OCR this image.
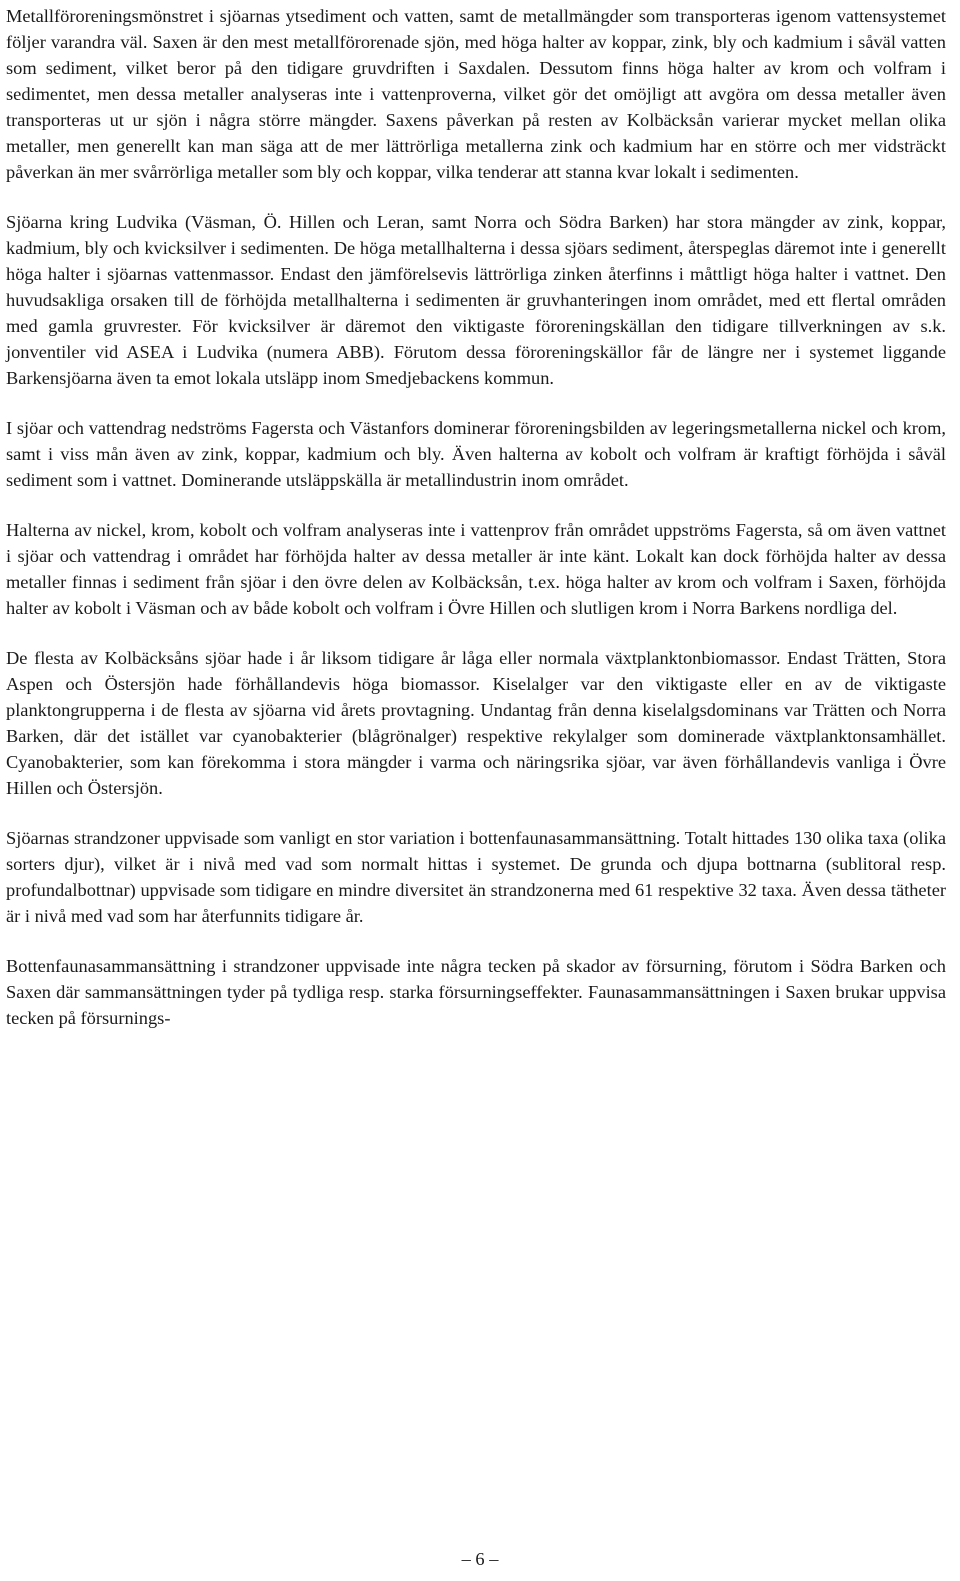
Metallföroreningsmönstret i sjöarnas ytsediment och vatten, samt de metallmängder som transporteras igenom vattensystemet följer varandra väl. Saxen är den mest metallförorenade sjön, med höga halter av koppar, zink, bly och kadmium i såväl vatten som sediment, vilket beror på den tidigare gruvdriften i Saxdalen. Dessutom finns höga halter av krom och volfram i sedimentet, men dessa metaller analyseras inte i vattenproverna, vilket gör det omöjligt att avgöra om dessa metaller även transporteras ut ur sjön i några större mängder. Saxens påverkan på resten av Kolbäcksån varierar mycket mellan olika metaller, men generellt kan man säga att de mer lättrörliga metallerna zink och kadmium har en större och mer vidsträckt påverkan än mer svårrörliga metaller som bly och koppar, vilka tenderar att stanna kvar lokalt i sedimenten.

Sjöarna kring Ludvika (Väsman, Ö. Hillen och Leran, samt Norra och Södra Barken) har stora mängder av zink, koppar, kadmium, bly och kvicksilver i sedimenten. De höga metallhalterna i dessa sjöars sediment, återspeglas däremot inte i generellt höga halter i sjöarnas vattenmassor. Endast den jämförelsevis lättrörliga zinken återfinns i måttligt höga halter i vattnet. Den huvudsakliga orsaken till de förhöjda metallhalterna i sedimenten är gruvhanteringen inom området, med ett flertal områden med gamla gruvrester. För kvicksilver är däremot den viktigaste föroreningskällan den tidigare tillverkningen av s.k. jonventiler vid ASEA i Ludvika (numera ABB). Förutom dessa föroreningskällor får de längre ner i systemet liggande Barkensjöarna även ta emot lokala utsläpp inom Smedjebackens kommun.

I sjöar och vattendrag nedströms Fagersta och Västanfors dominerar föroreningsbilden av legeringsmetallerna nickel och krom, samt i viss mån även av zink, koppar, kadmium och bly. Även halterna av kobolt och volfram är kraftigt förhöjda i såväl sediment som i vattnet. Dominerande utsläppskälla är metallindustrin inom området.

Halterna av nickel, krom, kobolt och volfram analyseras inte i vattenprov från området uppströms Fagersta, så om även vattnet i sjöar och vattendrag i området har förhöjda halter av dessa metaller är inte känt. Lokalt kan dock förhöjda halter av dessa metaller finnas i sediment från sjöar i den övre delen av Kolbäcksån, t.ex. höga halter av krom och volfram i Saxen, förhöjda halter av kobolt i Väsman och av både kobolt och volfram i Övre Hillen och slutligen krom i Norra Barkens nordliga del.

De flesta av Kolbäcksåns sjöar hade i år liksom tidigare år låga eller normala växtplanktonbiomassor. Endast Trätten, Stora Aspen och Östersjön hade förhållandevis höga biomassor. Kiselalger var den viktigaste eller en av de viktigaste planktongrupperna i de flesta av sjöarna vid årets provtagning. Undantag från denna kiselalgsdominans var Trätten och Norra Barken, där det istället var cyanobakterier (blågrönalger) respektive rekylalger som dominerade växtplanktonsamhället. Cyanobakterier, som kan förekomma i stora mängder i varma och näringsrika sjöar, var även förhållandevis vanliga i Övre Hillen och Östersjön.

Sjöarnas strandzoner uppvisade som vanligt en stor variation i bottenfaunasammansättning. Totalt hittades 130 olika taxa (olika sorters djur), vilket är i nivå med vad som normalt hittas i systemet. De grunda och djupa bottnarna (sublitoral resp. profundalbottnar) uppvisade som tidigare en mindre diversitet än strandzonerna med 61 respektive 32 taxa. Även dessa tätheter är i nivå med vad som har återfunnits tidigare år.

Bottenfaunasammansättning i strandzoner uppvisade inte några tecken på skador av försurning, förutom i Södra Barken och Saxen där sammansättningen tyder på tydliga resp. starka försurningseffekter. Faunasammansättningen i Saxen brukar uppvisa tecken på försurnings-

– 6 –
